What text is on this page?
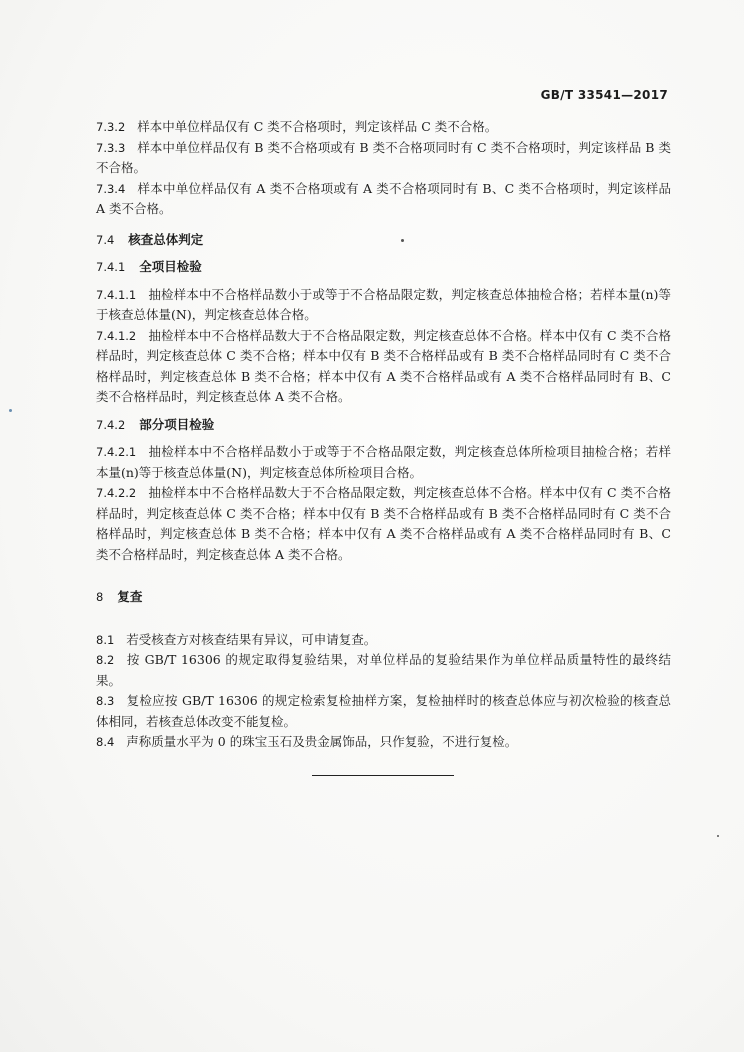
GB/T 33541—2017

7.3.2 样本中单位样品仅有 C 类不合格项时，判定该样品 C 类不合格。

7.3.3 样本中单位样品仅有 B 类不合格项或有 B 类不合格项同时有 C 类不合格项时，判定该样品 B 类不合格。

7.3.4 样本中单位样品仅有 A 类不合格项或有 A 类不合格项同时有 B、C 类不合格项时，判定该样品 A 类不合格。

7.4 核查总体判定

7.4.1 全项目检验

7.4.1.1 抽检样本中不合格样品数小于或等于不合格品限定数，判定核查总体抽检合格；若样本量(n)等于核查总体量(N)，判定核查总体合格。

7.4.1.2 抽检样本中不合格样品数大于不合格品限定数，判定核查总体不合格。样本中仅有 C 类不合格样品时，判定核查总体 C 类不合格；样本中仅有 B 类不合格样品或有 B 类不合格样品同时有 C 类不合格样品时，判定核查总体 B 类不合格；样本中仅有 A 类不合格样品或有 A 类不合格样品同时有 B、C 类不合格样品时，判定核查总体 A 类不合格。

7.4.2 部分项目检验

7.4.2.1 抽检样本中不合格样品数小于或等于不合格品限定数，判定核查总体所检项目抽检合格；若样本量(n)等于核查总体量(N)，判定核查总体所检项目合格。

7.4.2.2 抽检样本中不合格样品数大于不合格品限定数，判定核查总体不合格。样本中仅有 C 类不合格样品时，判定核查总体 C 类不合格；样本中仅有 B 类不合格样品或有 B 类不合格样品同时有 C 类不合格样品时，判定核查总体 B 类不合格；样本中仅有 A 类不合格样品或有 A 类不合格样品同时有 B、C 类不合格样品时，判定核查总体 A 类不合格。

8 复查

8.1 若受核查方对核查结果有异议，可申请复查。

8.2 按 GB/T 16306 的规定取得复验结果，对单位样品的复验结果作为单位样品质量特性的最终结果。

8.3 复检应按 GB/T 16306 的规定检索复检抽样方案，复检抽样时的核查总体应与初次检验的核查总体相同，若核查总体改变不能复检。

8.4 声称质量水平为 0 的珠宝玉石及贵金属饰品，只作复验，不进行复检。
